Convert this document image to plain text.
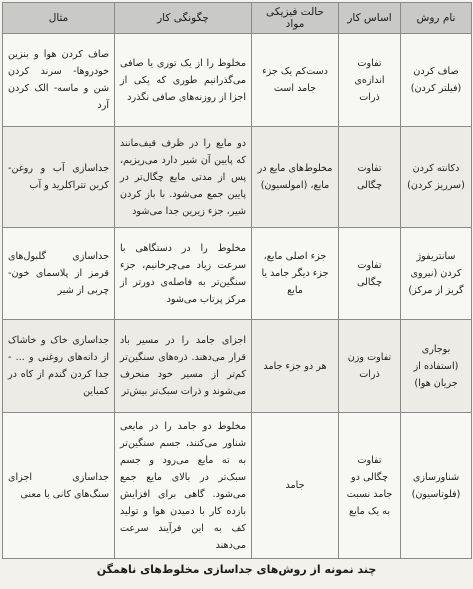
نام روش	اساس کار	حالت فیزیکی مواد	چگونگی کار	مثال
صاف کردن (فیلتر کردن)	تفاوت اندازه‌ی ذرات	دست‌کم یک جزء جامد است	مخلوط را از یک توری یا صافی می‌گذرانیم طوری که یکی از اجزا از روزنه‌های صافی نگذرد	صاف کردن هوا و بنزین خودروها- سرند کردن شن و ماسه- الک کردن آرد
دکانته کردن (سرریز کردن)	تفاوت چگالی	مخلوط‌های مایع در مایع، (امولسیون)	دو مایع را در ظرف قیف‌مانند که پایین آن شیر دارد می‌ریزیم، پس از مدتی مایع چگال‌تر در پایین جمع می‌شود. با باز کردن شیر، جزء زیرین جدا می‌شود	جداسازی آب و روغن- کربن تتراکلرید و آب
سانتریفوژ کردن (نیروی گریز از مرکز)	تفاوت چگالی	جزء اصلی مایع، جزء دیگر جامد یا مایع	مخلوط را در دستگاهی با سرعت زیاد می‌چرخانیم، جزء سنگین‌تر به فاصله‌ی دورتر از مرکز پرتاب می‌شود	جداسازی گلبول‌های قرمز از پلاسمای خون- چربی از شیر
بوجاری (استفاده از جریان هوا)	تفاوت وزن ذرات	هر دو جزء جامد	اجزای جامد را در مسیر باد قرار می‌دهند. ذره‌های سنگین‌تر کم‌تر از مسیر خود منحرف می‌شوند و ذرات سبک‌تر بیش‌تر	جداسازی خاک و خاشاک از دانه‌های روغنی و ... - جدا کردن گندم از کاه در کمباین
شناورسازی (فلوتاسیون)	تفاوت چگالی دو جامد نسبت به یک مایع	جامد	مخلوط دو جامد را در مایعی شناور می‌کنند، جسم سنگین‌تر به ته مایع می‌رود و جسم سبک‌تر در بالای مایع جمع می‌شود. گاهی برای افزایش بازده کار با دمیدن هوا و تولید کف به این فرآیند سرعت می‌دهند	جداسازی اجزای سنگ‌های کانی با معنی
چند نمونه از روش‌های جداسازی مخلوط‌های ناهمگن
